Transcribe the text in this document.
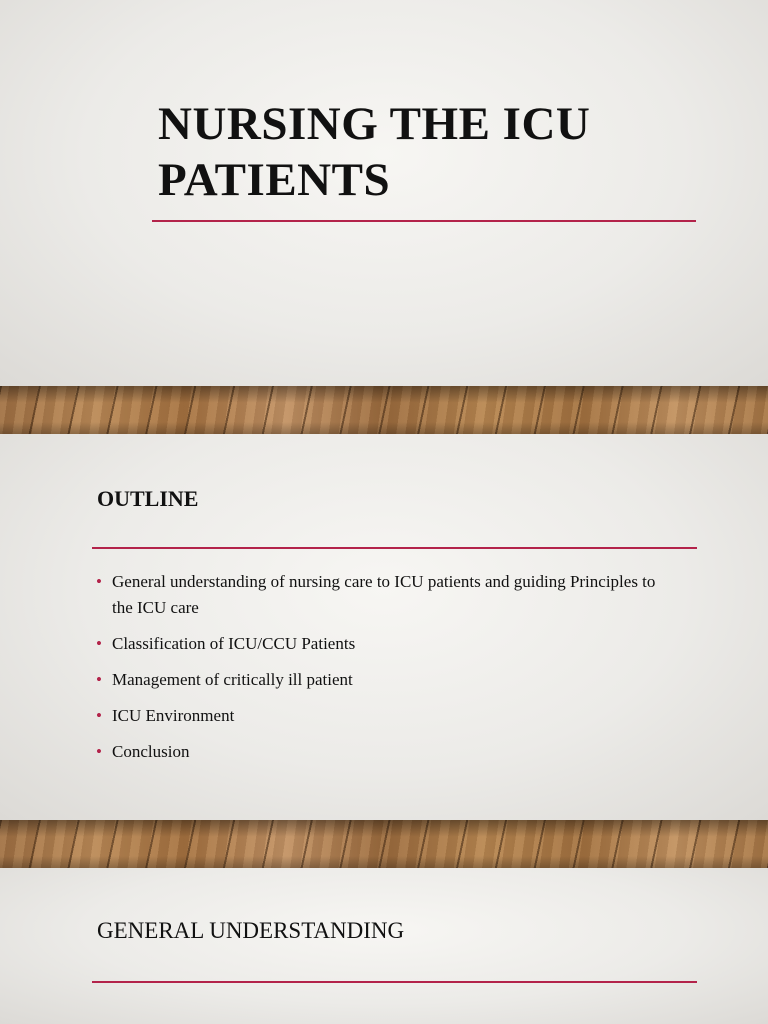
NURSING THE ICU PATIENTS
OUTLINE
• General understanding of nursing care to ICU patients and guiding Principles to the ICU care
• Classification of ICU/CCU Patients
• Management of critically ill patient
• ICU Environment
• Conclusion
GENERAL UNDERSTANDING
